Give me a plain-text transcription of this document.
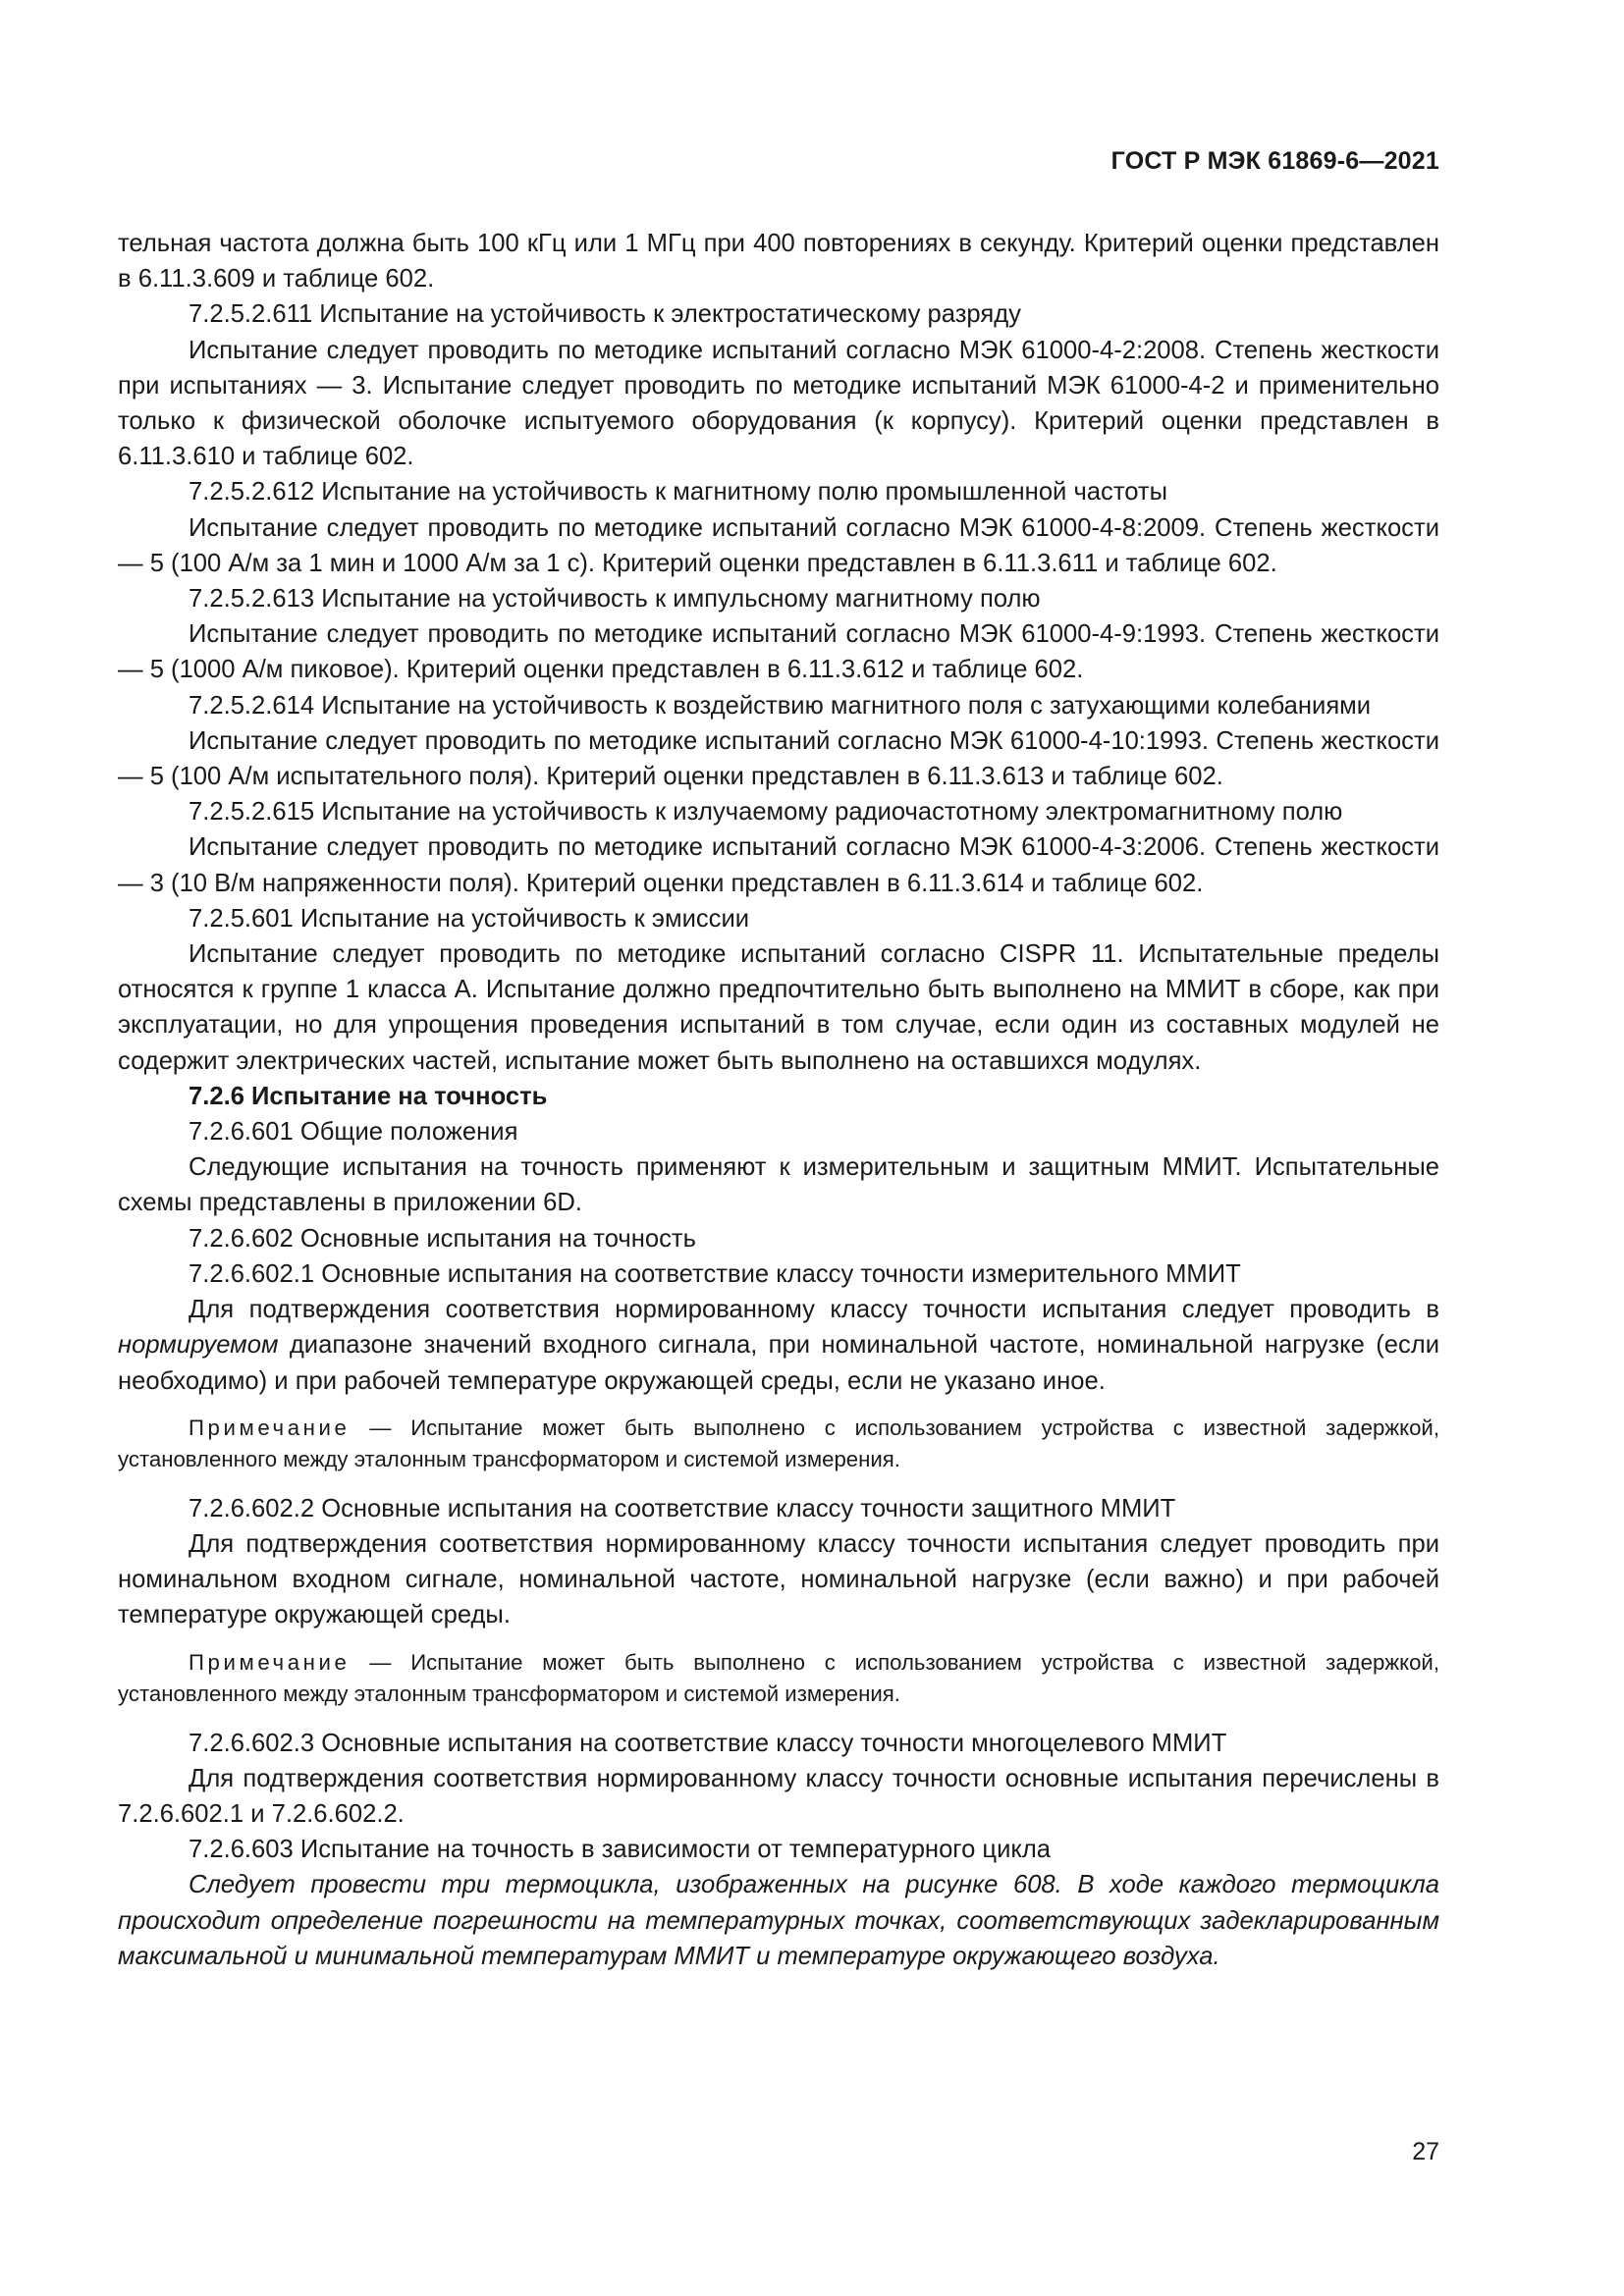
ГОСТ Р МЭК 61869-6—2021

тельная частота должна быть 100 кГц или 1 МГц при 400 повторениях в секунду. Критерий оценки представлен в 6.11.3.609 и таблице 602.

7.2.5.2.611 Испытание на устойчивость к электростатическому разряду

Испытание следует проводить по методике испытаний согласно МЭК 61000-4-2:2008. Степень жесткости при испытаниях — 3. Испытание следует проводить по методике испытаний МЭК 61000-4-2 и применительно только к физической оболочке испытуемого оборудования (к корпусу). Критерий оценки представлен в 6.11.3.610 и таблице 602.

7.2.5.2.612 Испытание на устойчивость к магнитному полю промышленной частоты

Испытание следует проводить по методике испытаний согласно МЭК 61000-4-8:2009. Степень жесткости — 5 (100 А/м за 1 мин и 1000 А/м за 1 с). Критерий оценки представлен в 6.11.3.611 и таблице 602.

7.2.5.2.613 Испытание на устойчивость к импульсному магнитному полю

Испытание следует проводить по методике испытаний согласно МЭК 61000-4-9:1993. Степень жесткости — 5 (1000 А/м пиковое). Критерий оценки представлен в 6.11.3.612 и таблице 602.

7.2.5.2.614 Испытание на устойчивость к воздействию магнитного поля с затухающими колебаниями

Испытание следует проводить по методике испытаний согласно МЭК 61000-4-10:1993. Степень жесткости — 5 (100 А/м испытательного поля). Критерий оценки представлен в 6.11.3.613 и таблице 602.

7.2.5.2.615 Испытание на устойчивость к излучаемому радиочастотному электромагнитному полю

Испытание следует проводить по методике испытаний согласно МЭК 61000-4-3:2006. Степень жесткости — 3 (10 В/м напряженности поля). Критерий оценки представлен в 6.11.3.614 и таблице 602.

7.2.5.601 Испытание на устойчивость к эмиссии

Испытание следует проводить по методике испытаний согласно CISPR 11. Испытательные пределы относятся к группе 1 класса А. Испытание должно предпочтительно быть выполнено на ММИТ в сборе, как при эксплуатации, но для упрощения проведения испытаний в том случае, если один из составных модулей не содержит электрических частей, испытание может быть выполнено на оставшихся модулях.

7.2.6 Испытание на точность

7.2.6.601 Общие положения

Следующие испытания на точность применяют к измерительным и защитным ММИТ. Испытательные схемы представлены в приложении 6D.

7.2.6.602 Основные испытания на точность

7.2.6.602.1 Основные испытания на соответствие классу точности измерительного ММИТ

Для подтверждения соответствия нормированному классу точности испытания следует проводить в нормируемом диапазоне значений входного сигнала, при номинальной частоте, номинальной нагрузке (если необходимо) и при рабочей температуре окружающей среды, если не указано иное.

Примечание — Испытание может быть выполнено с использованием устройства с известной задержкой, установленного между эталонным трансформатором и системой измерения.

7.2.6.602.2 Основные испытания на соответствие классу точности защитного ММИТ

Для подтверждения соответствия нормированному классу точности испытания следует проводить при номинальном входном сигнале, номинальной частоте, номинальной нагрузке (если важно) и при рабочей температуре окружающей среды.

Примечание — Испытание может быть выполнено с использованием устройства с известной задержкой, установленного между эталонным трансформатором и системой измерения.

7.2.6.602.3 Основные испытания на соответствие классу точности многоцелевого ММИТ

Для подтверждения соответствия нормированному классу точности основные испытания перечислены в 7.2.6.602.1 и 7.2.6.602.2.

7.2.6.603 Испытание на точность в зависимости от температурного цикла

Следует провести три термоцикла, изображенных на рисунке 608. В ходе каждого термоцикла происходит определение погрешности на температурных точках, соответствующих задекларированным максимальной и минимальной температурам ММИТ и температуре окружающего воздуха.

27
